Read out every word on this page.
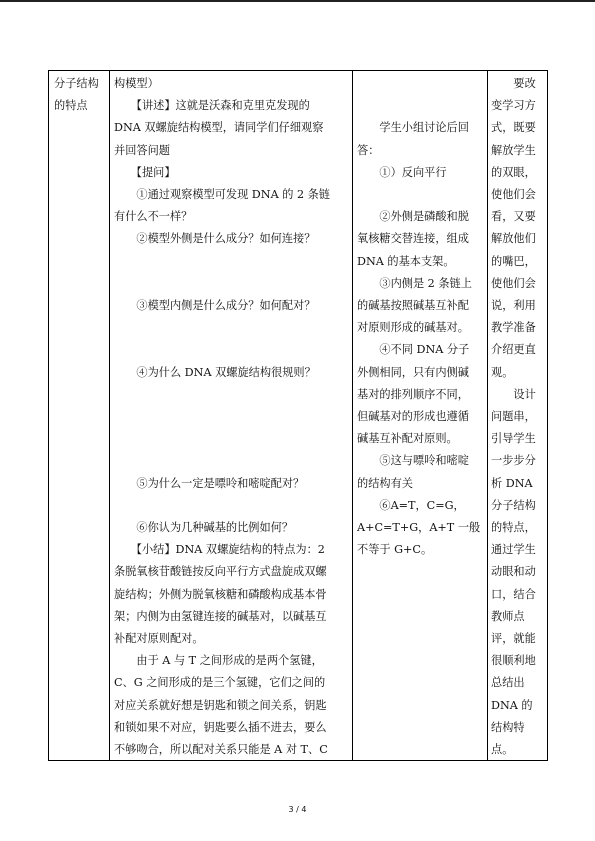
分子结构
的特点
构模型）
　　【讲述】这就是沃森和克里克发现的
DNA 双螺旋结构模型，请同学们仔细观察
并回答问题
　　【提问】
　　①通过观察模型可发现 DNA 的 2 条链
有什么不一样？
　　②模型外侧是什么成分？如何连接？

　　③模型内侧是什么成分？如何配对？

　　④为什么 DNA 双螺旋结构很规则？

　　⑤为什么一定是嘌呤和嘧啶配对？

　　⑥你认为几种碱基的比例如何？
　　【小结】DNA 双螺旋结构的特点为：2
条脱氧核苷酸链按反向平行方式盘旋成双螺
旋结构；外侧为脱氧核糖和磷酸构成基本骨
架；内侧为由氢键连接的碱基对，以碱基互
补配对原则配对。
　　由于 A 与 T 之间形成的是两个氢键，
C、G 之间形成的是三个氢键，它们之间的
对应关系就好想是钥匙和锁之间关系，钥匙
和锁如果不对应，钥匙要么插不进去，要么
不够吻合，所以配对关系只能是 A 对 T、C

　　学生小组讨论后回
答：
　　①）反向平行

　　②外侧是磷酸和脱
氧核糖交替连接，组成
DNA 的基本支架。
　　③内侧是 2 条链上
的碱基按照碱基互补配
对原则形成的碱基对。
　　④不同 DNA 分子
外侧相同，只有内侧碱
基对的排列顺序不同，
但碱基对的形成也遵循
碱基互补配对原则。
　　⑤这与嘌呤和嘧啶
的结构有关
　　⑥A=T，C=G，
A+C=T+G，A+T 一般
不等于 G+C。
　　要改
变学习方
式，既要
解放学生
的双眼，
使他们会
看，又要
解放他们
的嘴巴，
使他们会
说，利用
教学准备
介绍更直
观。
　　设计
问题串，
引导学生
一步步分
析 DNA
分子结构
的特点，
通过学生
动眼和动
口，结合
教师点
评，就能
很顺利地
总结出
DNA 的
结构特
点。
3 / 4
